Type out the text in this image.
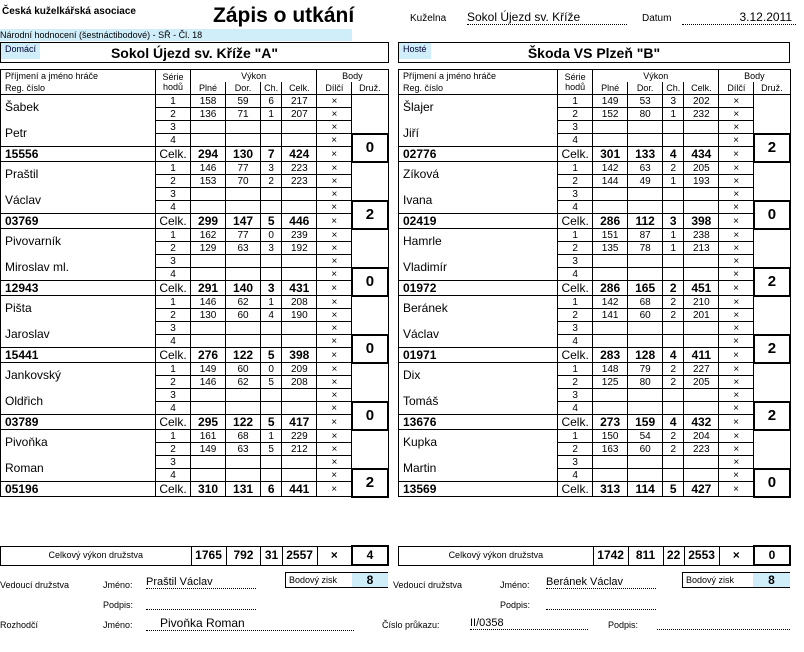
Česká kuželkářská asociace
Národní hodnocení (šestnáctibodové) - SŘ - Čl. 18
Zápis o utkání	Kuželna Sokol Újezd sv. Kříže	Datum	3.12.2011
Domácí	Sokol Újezd sv. Kříže "A"	Hosté	Škoda VS Plzeň "B"
Příjmení a jméno hráče	Série
hodů	Výkon				Body	
Reg. číslo		Plné	Dor.	Ch.	Celk.	Dílčí	Druž.
Šabek	1	158	59	6	217	×	
	2	136	71	1	207	×	
Petr	3					×	
	4					×	0
15556	Celk.	294	130	7	424	×	
Praštil	1	146	77	3	223	×	
	2	153	70	2	223	×	
Václav	3					×	
	4					×	2
03769	Celk.	299	147	5	446	×	
Pivovarník	1	162	77	0	239	×	
	2	129	63	3	192	×	
Miroslav ml.	3					×	
	4					×	0
12943	Celk.	291	140	3	431	×	
Pišta	1	146	62	1	208	×	
	2	130	60	4	190	×	
Jaroslav	3					×	
	4					×	0
15441	Celk.	276	122	5	398	×	
Jankovský	1	149	60	0	209	×	
	2	146	62	5	208	×	
Oldřich	3					×	
	4					×	0
03789	Celk.	295	122	5	417	×	
Pivoňka	1	161	68	1	229	×	
	2	149	63	5	212	×	
Roman	3					×	
	4					×	2
05196	Celk.	310	131	6	441	×	
Příjmení a jméno hráče	Série
hodů	Výkon				Body	
Reg. číslo		Plné	Dor.	Ch.	Celk.	Dílčí	Druž.
Šlajer	1	149	53	3	202	×	
	2	152	80	1	232	×	
Jiří	3					×	
	4					×	2
02776	Celk.	301	133	4	434	×	
Zíková	1	142	63	2	205	×	
	2	144	49	1	193	×	
Ivana	3					×	
	4					×	0
02419	Celk.	286	112	3	398	×	
Hamrle	1	151	87	1	238	×	
	2	135	78	1	213	×	
Vladimír	3					×	
	4					×	2
01972	Celk.	286	165	2	451	×	
Beránek	1	142	68	2	210	×	
	2	141	60	2	201	×	
Václav	3					×	
	4					×	2
01971	Celk.	283	128	4	411	×	
Dix	1	148	79	2	227	×	
	2	125	80	2	205	×	
Tomáš	3					×	
	4					×	2
13676	Celk.	273	159	4	432	×	
Kupka	1	150	54	2	204	×	
	2	163	60	2	223	×	
Martin	3					×	
	4					×	0
13569	Celk.	313	114	5	427	×	
Celkový výkon družstva	1765	792	31	2557	×	4	Celkový výkon družstva	1742	811	22	2553	×	0
Vedoucí družstva	Jméno: Praštil Václav	Bodový zisk	8
Podpis:
Vedoucí družstva	Jméno: Beránek Václav	Bodový zisk	8
Podpis:
Rozhodčí	Jméno:	Pivoňka Roman	Číslo průkazu:	II/0358	Podpis:
